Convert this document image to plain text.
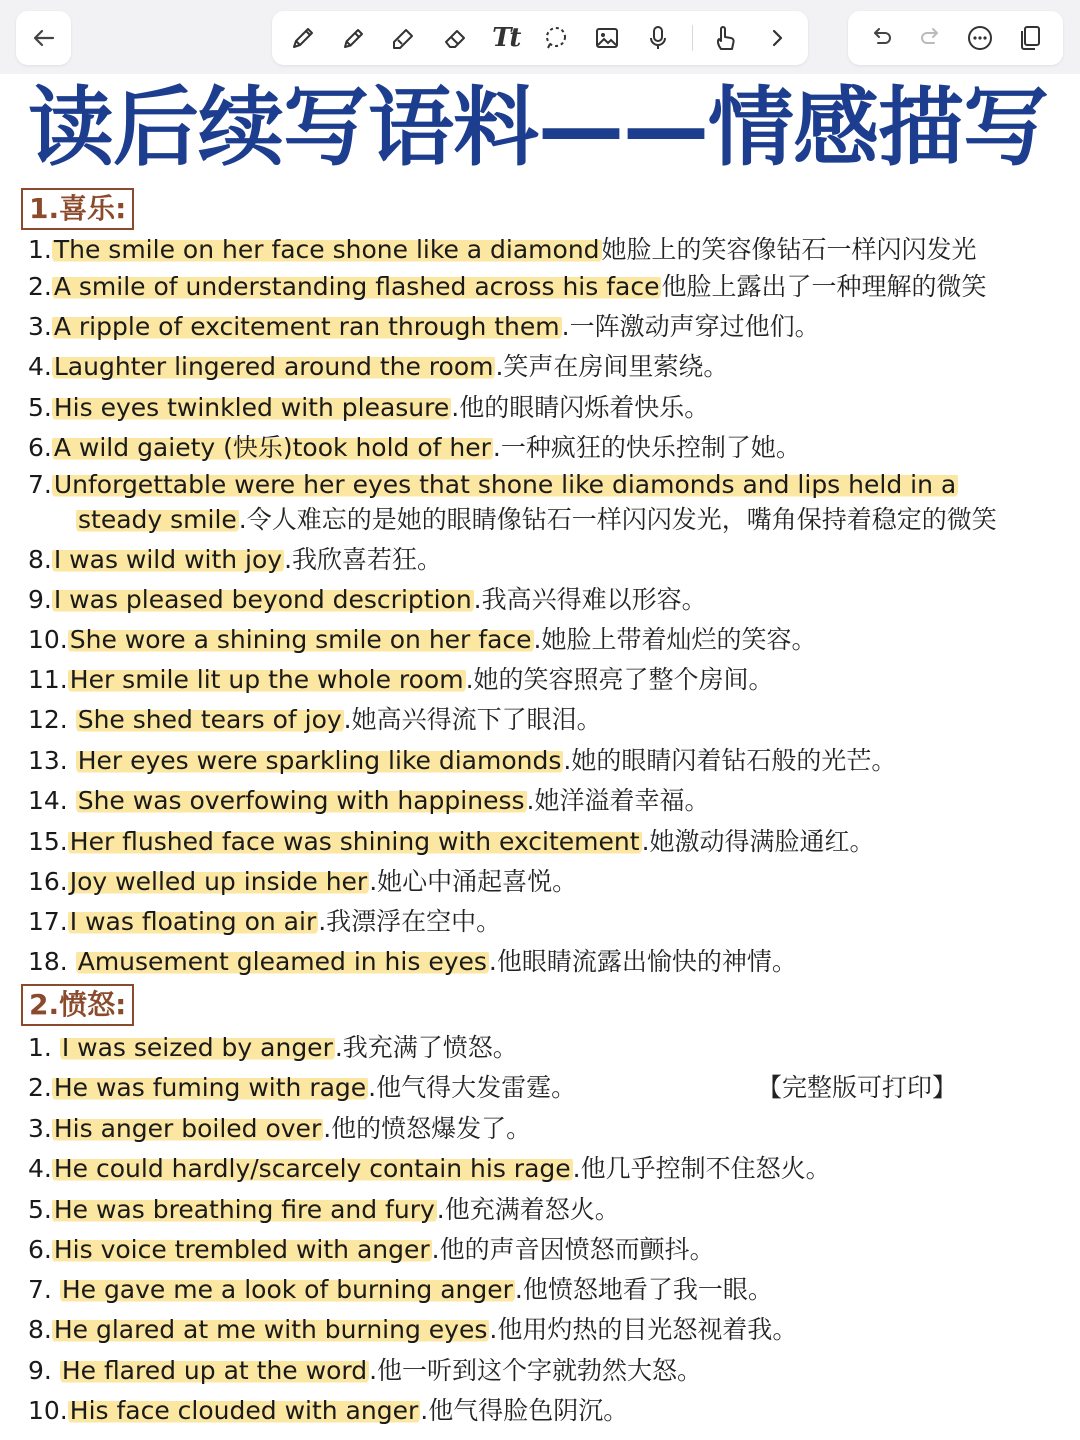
Tt
读后续写语料——情感描写
1.喜乐:
1.The smile on her face shone like a diamond她脸上的笑容像钻石一样闪闪发光
2.A smile of understanding flashed across his face他脸上露出了一种理解的微笑
3.A ripple of excitement ran through them.一阵激动声穿过他们。
4.Laughter lingered around the room.笑声在房间里萦绕。
5.His eyes twinkled with pleasure.他的眼睛闪烁着快乐。
6.A wild gaiety (快乐)took hold of her.一种疯狂的快乐控制了她。
7.Unforgettable were her eyes that shone like diamonds and lips held in a
steady smile.令人难忘的是她的眼睛像钻石一样闪闪发光，嘴角保持着稳定的微笑
8.I was wild with joy.我欣喜若狂。
9.I was pleased beyond description.我高兴得难以形容。
10.She wore a shining smile on her face.她脸上带着灿烂的笑容。
11.Her smile lit up the whole room.她的笑容照亮了整个房间。
12. She shed tears of joy.她高兴得流下了眼泪。
13. Her eyes were sparkling like diamonds.她的眼睛闪着钻石般的光芒。
14. She was overfowing with happiness.她洋溢着幸福。
15.Her flushed face was shining with excitement.她激动得满脸通红。
16.Joy welled up inside her.她心中涌起喜悦。
17.I was floating on air.我漂浮在空中。
18. Amusement gleamed in his eyes.他眼睛流露出愉快的神情。
2.愤怒:
1. I was seized by anger.我充满了愤怒。
2.He was fuming with rage.他气得大发雷霆。	【完整版可打印】
3.His anger boiled over.他的愤怒爆发了。
4.He could hardly/scarcely contain his rage.他几乎控制不住怒火。
5.He was breathing fire and fury.他充满着怒火。
6.His voice trembled with anger.他的声音因愤怒而颤抖。
7. He gave me a look of burning anger.他愤怒地看了我一眼。
8.He glared at me with burning eyes.他用灼热的目光怒视着我。
9. He flared up at the word.他一听到这个字就勃然大怒。
10.His face clouded with anger.他气得脸色阴沉。
